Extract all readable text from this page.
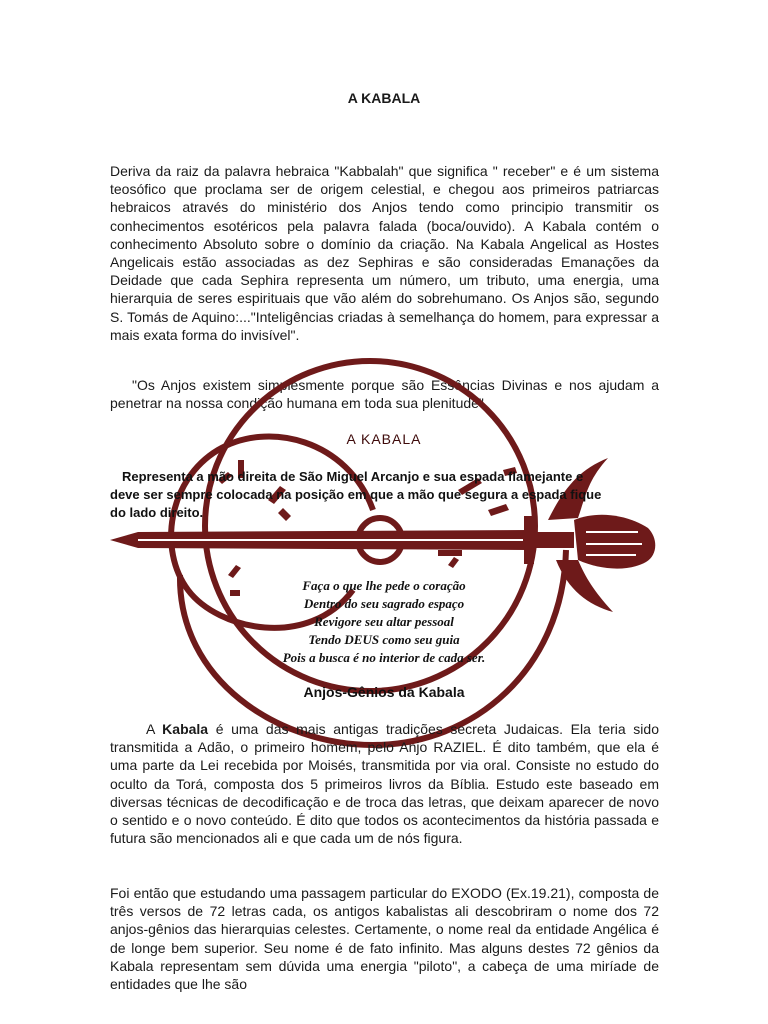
A KABALA

Deriva da raiz da palavra hebraica "Kabbalah" que significa " receber" e é um sistema teosófico que proclama ser de origem celestial, e chegou aos primeiros patriarcas hebraicos através do ministério dos Anjos tendo como principio transmitir os conhecimentos esotéricos pela palavra falada (boca/ouvido). A Kabala contém o conhecimento Absoluto sobre o domínio da criação. Na Kabala Angelical as Hostes Angelicais estão associadas as dez Sephiras e são consideradas Emanações da Deidade que cada Sephira representa um número, um tributo, uma energia, uma hierarquia de seres espirituais que vão além do sobrehumano. Os Anjos são, segundo S. Tomás de Aquino:..."Inteligências criadas à semelhança do homem, para expressar a mais exata forma do invisível".

"Os Anjos existem simplesmente porque são Essências Divinas e nos ajudam a penetrar na nossa condição humana em toda sua plenitude".

A KABALA

Representa a mão direita de São Miguel Arcanjo e sua espada flamejante e deve ser sempre colocada na posição em que a mão que segura a espada fique do lado direito.

Faça o que lhe pede o coração
Dentro do seu sagrado espaço
Revigore seu altar pessoal
Tendo DEUS como seu guia
Pois a busca é no interior de cada ser.
Anjos-Gênios da Kabala

A Kabala é uma das mais antigas tradições secreta Judaicas. Ela teria sido transmitida a Adão, o primeiro homem, pelo Anjo RAZIEL. É dito também, que ela é uma parte da Lei recebida por Moisés, transmitida por via oral. Consiste no estudo do oculto da Torá, composta dos 5 primeiros livros da Bíblia. Estudo este baseado em diversas técnicas de decodificação e de troca das letras, que deixam aparecer de novo o sentido e o novo conteúdo. É dito que todos os acontecimentos da história passada e futura são mencionados ali e que cada um de nós figura.

Foi então que estudando uma passagem particular do EXODO (Ex.19.21), composta de três versos de 72 letras cada, os antigos kabalistas ali descobriram o nome dos 72 anjos-gênios das hierarquias celestes. Certamente, o nome real da entidade Angélica é de longe bem superior. Seu nome é de fato infinito. Mas alguns destes 72 gênios da Kabala representam sem dúvida uma energia "piloto", a cabeça de uma miríade de entidades que lhe são
